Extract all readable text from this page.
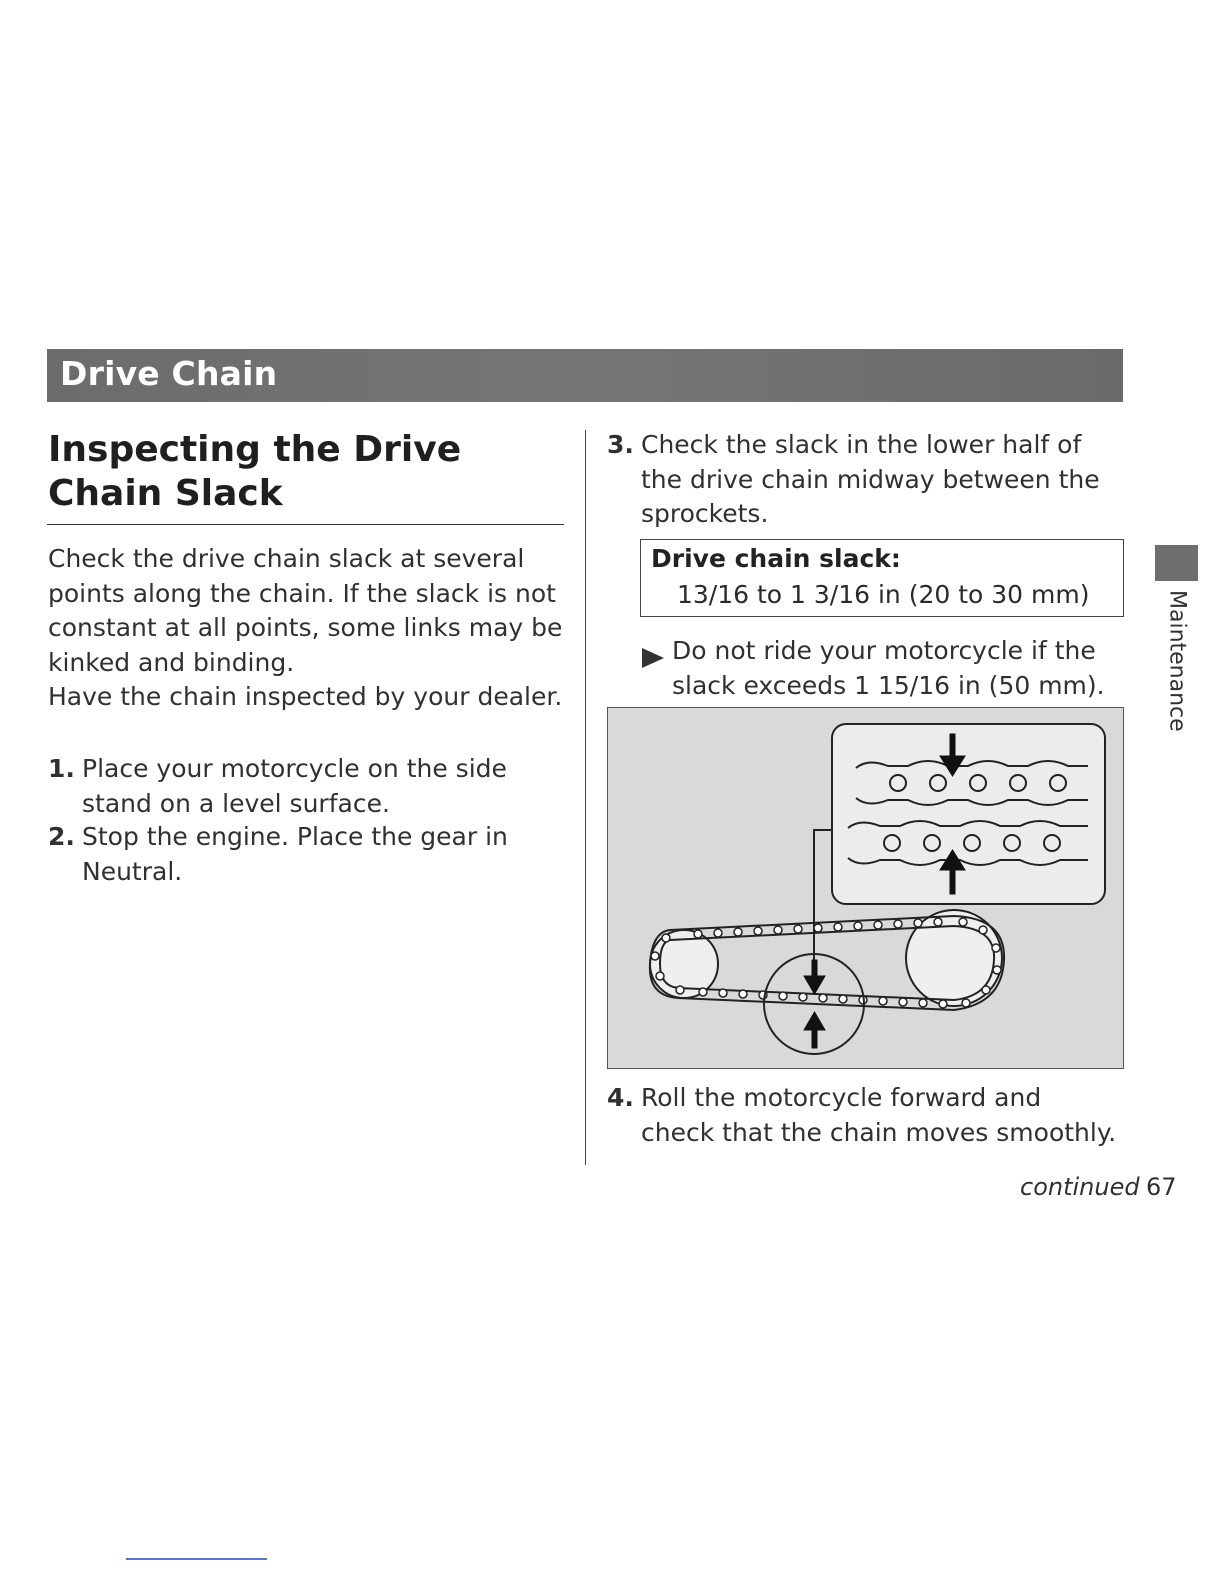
Drive Chain
Inspecting the Drive Chain Slack

Check the drive chain slack at several points along the chain. If the slack is not constant at all points, some links may be kinked and binding.

Have the chain inspected by your dealer.

1. Place your motorcycle on the side stand on a level surface.
2. Stop the engine. Place the gear in Neutral.
3. Check the slack in the lower half of the drive chain midway between the sprockets.
Drive chain slack:
13/16 to 1 3/16 in (20 to 30 mm)
Do not ride your motorcycle if the slack exceeds 1 15/16 in (50 mm).
4. Roll the motorcycle forward and check that the chain moves smoothly.
continued 67
Maintenance
